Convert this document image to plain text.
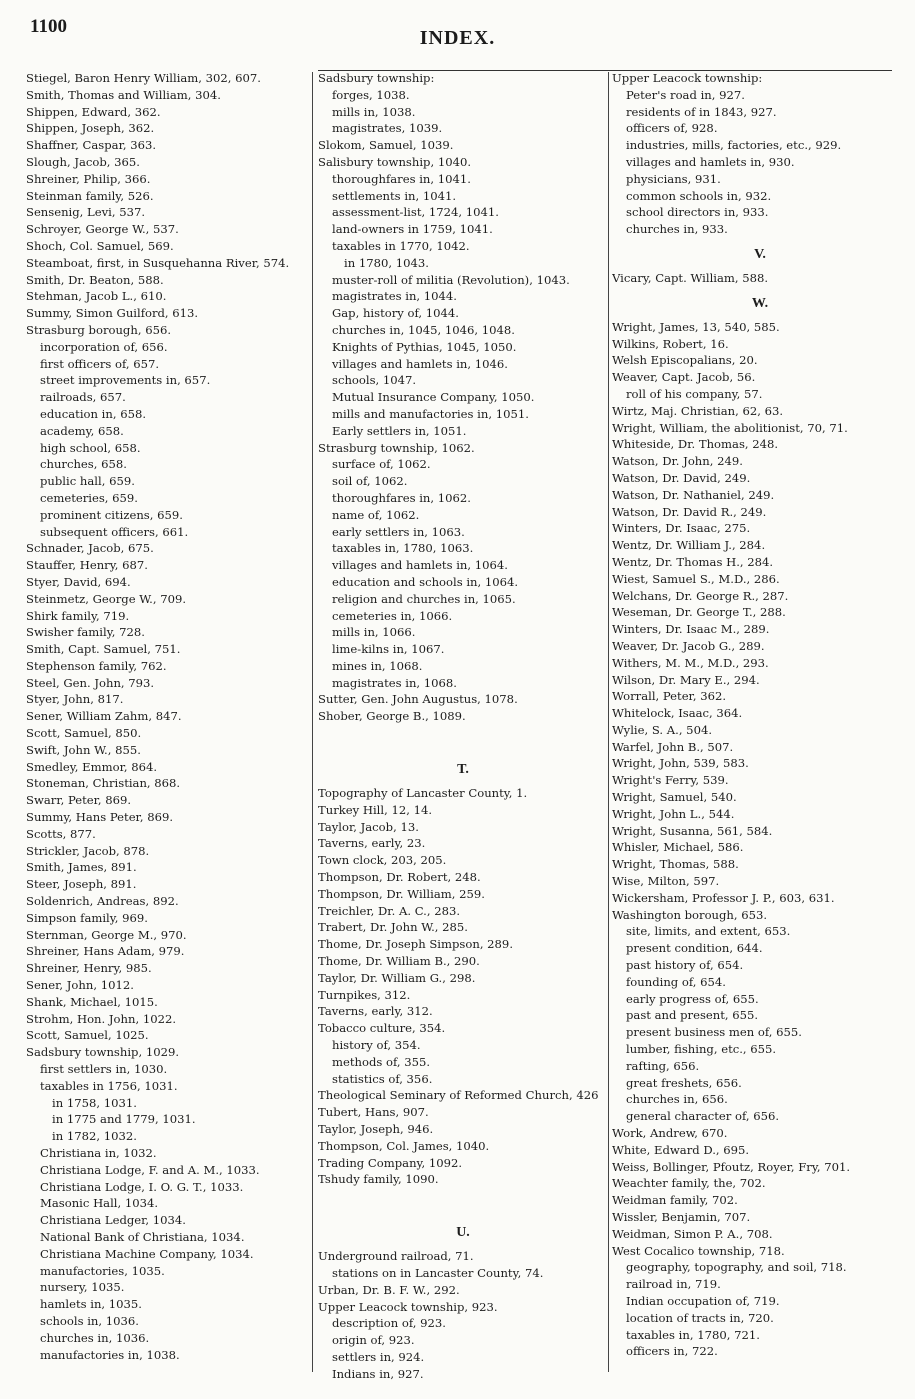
1100
INDEX.
Stiegel, Baron Henry William, 302, 607.
Smith, Thomas and William, 304.
Shippen, Edward, 362.
Shippen, Joseph, 362.
Shaffner, Caspar, 363.
Slough, Jacob, 365.
Shreiner, Philip, 366.
Steinman family, 526.
Sensenig, Levi, 537.
Schroyer, George W., 537.
Shoch, Col. Samuel, 569.
Steamboat, first, in Susquehanna River, 574.
Smith, Dr. Beaton, 588.
Stehman, Jacob L., 610.
Summy, Simon Guilford, 613.
Strasburg borough, 656.
incorporation of, 656.
first officers of, 657.
street improvements in, 657.
railroads, 657.
education in, 658.
academy, 658.
high school, 658.
churches, 658.
public hall, 659.
cemeteries, 659.
prominent citizens, 659.
subsequent officers, 661.
Schnader, Jacob, 675.
Stauffer, Henry, 687.
Styer, David, 694.
Steinmetz, George W., 709.
Shirk family, 719.
Swisher family, 728.
Smith, Capt. Samuel, 751.
Stephenson family, 762.
Steel, Gen. John, 793.
Styer, John, 817.
Sener, William Zahm, 847.
Scott, Samuel, 850.
Swift, John W., 855.
Smedley, Emmor, 864.
Stoneman, Christian, 868.
Swarr, Peter, 869.
Summy, Hans Peter, 869.
Scotts, 877.
Strickler, Jacob, 878.
Smith, James, 891.
Steer, Joseph, 891.
Soldenrich, Andreas, 892.
Simpson family, 969.
Sternman, George M., 970.
Shreiner, Hans Adam, 979.
Shreiner, Henry, 985.
Sener, John, 1012.
Shank, Michael, 1015.
Strohm, Hon. John, 1022.
Scott, Samuel, 1025.
Sadsbury township, 1029.
first settlers in, 1030.
taxables in 1756, 1031.
in 1758, 1031.
in 1775 and 1779, 1031.
in 1782, 1032.
Christiana in, 1032.
Christiana Lodge, F. and A. M., 1033.
Christiana Lodge, I. O. G. T., 1033.
Masonic Hall, 1034.
Christiana Ledger, 1034.
National Bank of Christiana, 1034.
Christiana Machine Company, 1034.
manufactories, 1035.
nursery, 1035.
hamlets in, 1035.
schools in, 1036.
churches in, 1036.
manufactories in, 1038.
Sadsbury township:
forges, 1038.
mills in, 1038.
magistrates, 1039.
Slokom, Samuel, 1039.
Salisbury township, 1040.
thoroughfares in, 1041.
settlements in, 1041.
assessment-list, 1724, 1041.
land-owners in 1759, 1041.
taxables in 1770, 1042.
in 1780, 1043.
muster-roll of militia (Revolution), 1043.
magistrates in, 1044.
Gap, history of, 1044.
churches in, 1045, 1046, 1048.
Knights of Pythias, 1045, 1050.
villages and hamlets in, 1046.
schools, 1047.
Mutual Insurance Company, 1050.
mills and manufactories in, 1051.
Early settlers in, 1051.
Strasburg township, 1062.
surface of, 1062.
soil of, 1062.
thoroughfares in, 1062.
name of, 1062.
early settlers in, 1063.
taxables in, 1780, 1063.
villages and hamlets in, 1064.
education and schools in, 1064.
religion and churches in, 1065.
cemeteries in, 1066.
mills in, 1066.
lime-kilns in, 1067.
mines in, 1068.
magistrates in, 1068.
Sutter, Gen. John Augustus, 1078.
Shober, George B., 1089.
T.
Topography of Lancaster County, 1.
Turkey Hill, 12, 14.
Taylor, Jacob, 13.
Taverns, early, 23.
Town clock, 203, 205.
Thompson, Dr. Robert, 248.
Thompson, Dr. William, 259.
Treichler, Dr. A. C., 283.
Trabert, Dr. John W., 285.
Thome, Dr. Joseph Simpson, 289.
Thome, Dr. William B., 290.
Taylor, Dr. William G., 298.
Turnpikes, 312.
Taverns, early, 312.
Tobacco culture, 354.
history of, 354.
methods of, 355.
statistics of, 356.
Theological Seminary of Reformed Church, 426
Tubert, Hans, 907.
Taylor, Joseph, 946.
Thompson, Col. James, 1040.
Trading Company, 1092.
Tshudy family, 1090.
U.
Underground railroad, 71.
stations on in Lancaster County, 74.
Urban, Dr. B. F. W., 292.
Upper Leacock township, 923.
description of, 923.
origin of, 923.
settlers in, 924.
Indians in, 927.
Upper Leacock township:
Peter's road in, 927.
residents of in 1843, 927.
officers of, 928.
industries, mills, factories, etc., 929.
villages and hamlets in, 930.
physicians, 931.
common schools in, 932.
school directors in, 933.
churches in, 933.
V.
Vicary, Capt. William, 588.
W.
Wright, James, 13, 540, 585.
Wilkins, Robert, 16.
Welsh Episcopalians, 20.
Weaver, Capt. Jacob, 56.
roll of his company, 57.
Wirtz, Maj. Christian, 62, 63.
Wright, William, the abolitionist, 70, 71.
Whiteside, Dr. Thomas, 248.
Watson, Dr. John, 249.
Watson, Dr. David, 249.
Watson, Dr. Nathaniel, 249.
Watson, Dr. David R., 249.
Winters, Dr. Isaac, 275.
Wentz, Dr. William J., 284.
Wentz, Dr. Thomas H., 284.
Wiest, Samuel S., M.D., 286.
Welchans, Dr. George R., 287.
Weseman, Dr. George T., 288.
Winters, Dr. Isaac M., 289.
Weaver, Dr. Jacob G., 289.
Withers, M. M., M.D., 293.
Wilson, Dr. Mary E., 294.
Worrall, Peter, 362.
Whitelock, Isaac, 364.
Wylie, S. A., 504.
Warfel, John B., 507.
Wright, John, 539, 583.
Wright's Ferry, 539.
Wright, Samuel, 540.
Wright, John L., 544.
Wright, Susanna, 561, 584.
Whisler, Michael, 586.
Wright, Thomas, 588.
Wise, Milton, 597.
Wickersham, Professor J. P., 603, 631.
Washington borough, 653.
site, limits, and extent, 653.
present condition, 644.
past history of, 654.
founding of, 654.
early progress of, 655.
past and present, 655.
present business men of, 655.
lumber, fishing, etc., 655.
rafting, 656.
great freshets, 656.
churches in, 656.
general character of, 656.
Work, Andrew, 670.
White, Edward D., 695.
Weiss, Bollinger, Pfoutz, Royer, Fry, 701.
Weachter family, the, 702.
Weidman family, 702.
Wissler, Benjamin, 707.
Weidman, Simon P. A., 708.
West Cocalico township, 718.
geography, topography, and soil, 718.
railroad in, 719.
Indian occupation of, 719.
location of tracts in, 720.
taxables in, 1780, 721.
officers in, 722.
